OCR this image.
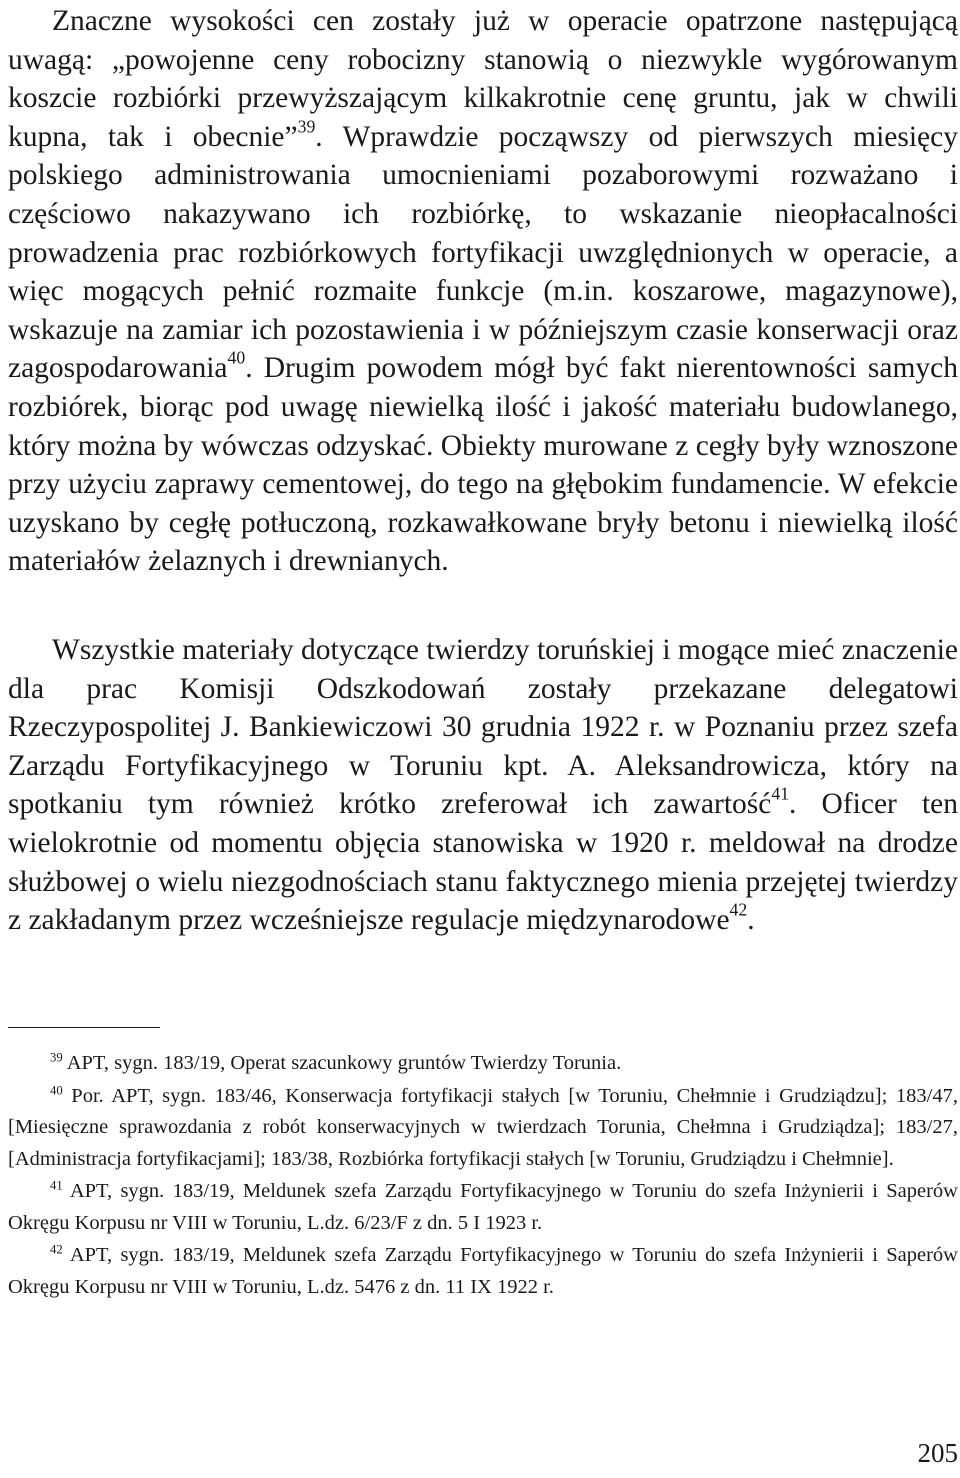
Znaczne wysokości cen zostały już w operacie opatrzone następującą uwagą: „powojenne ceny robocizny stanowią o niezwykle wygórowanym koszcie rozbiórki przewyższającym kilkakrotnie cenę gruntu, jak w chwili kupna, tak i obecnie”$^{39}$. Wprawdzie począwszy od pierwszych miesięcy polskiego administrowania umocnieniami pozaborowymi rozważano i częściowo nakazywano ich rozbiórkę, to wskazanie nieopłacalności prowadzenia prac rozbiórkowych fortyfikacji uwzględnionych w operacie, a więc mogących pełnić rozmaite funkcje (m.in. koszarowe, magazynowe), wskazuje na zamiar ich pozostawienia i w późniejszym czasie konserwacji oraz zagospodarowania$^{40}$. Drugim powodem mógł być fakt nierentowności samych rozbiórek, biorąc pod uwagę niewielką ilość i jakość materiału budowlanego, który można by wówczas odzyskać. Obiekty murowane z cegły były wznoszone przy użyciu zaprawy cementowej, do tego na głębokim fundamencie. W efekcie uzyskano by cegłę potłuczoną, rozkawałkowane bryły betonu i niewielką ilość materiałów żelaznych i drewnianych.

Wszystkie materiały dotyczące twierdzy toruńskiej i mogące mieć znaczenie dla prac Komisji Odszkodowań zostały przekazane delegatowi Rzeczypospolitej J. Bankiewiczowi 30 grudnia 1922 r. w Poznaniu przez szefa Zarządu Fortyfikacyjnego w Toruniu kpt. A. Aleksandrowicza, który na spotkaniu tym również krótko zreferował ich zawartość$^{41}$. Oficer ten wielokrotnie od momentu objęcia stanowiska w 1920 r. meldował na drodze służbowej o wielu niezgodnościach stanu faktycznego mienia przejętej twierdzy z zakładanym przez wcześniejsze regulacje międzynarodowe$^{42}$.

$^{39}$ APT, sygn. 183/19, Operat szacunkowy gruntów Twierdzy Torunia.

$^{40}$ Por. APT, sygn. 183/46, Konserwacja fortyfikacji stałych [w Toruniu, Chełmnie i Grudziądzu]; 183/47, [Miesięczne sprawozdania z robót konserwacyjnych w twierdzach Torunia, Chełmna i Grudziądza]; 183/27, [Administracja fortyfikacjami]; 183/38, Rozbiórka fortyfikacji stałych [w Toruniu, Grudziądzu i Chełmnie].

$^{41}$ APT, sygn. 183/19, Meldunek szefa Zarządu Fortyfikacyjnego w Toruniu do szefa Inżynierii i Saperów Okręgu Korpusu nr VIII w Toruniu, L.dz. 6/23/F z dn. 5 I 1923 r.

$^{42}$ APT, sygn. 183/19, Meldunek szefa Zarządu Fortyfikacyjnego w Toruniu do szefa Inżynierii i Saperów Okręgu Korpusu nr VIII w Toruniu, L.dz. 5476 z dn. 11 IX 1922 r.

205
